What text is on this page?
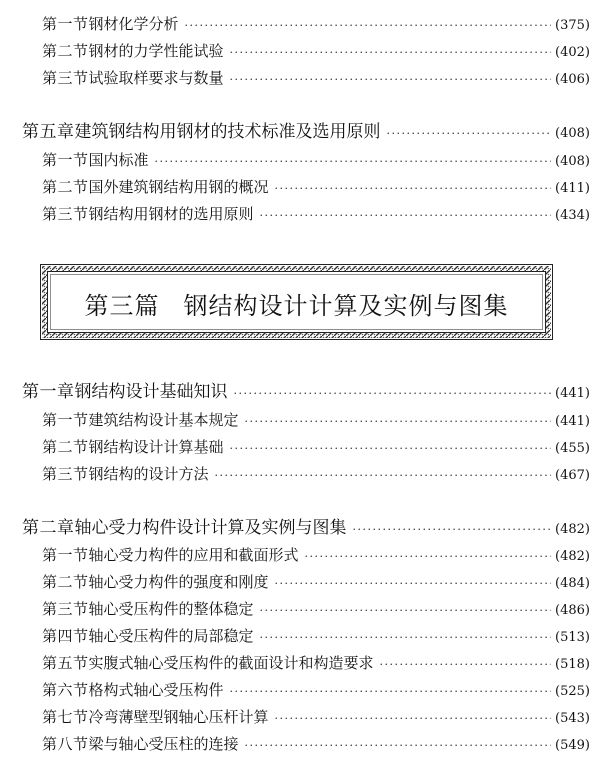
第一节 钢材化学分析 ·····	(375)
第二节 钢材的力学性能试验 ·····	(402)
第三节 试验取样要求与数量 ·····	(406)
第五章 建筑钢结构用钢材的技术标准及选用原则 ·····	(408)
第一节 国内标准 ·····	(408)
第二节 国外建筑钢结构用钢的概况 ·····	(411)
第三节 钢结构用钢材的选用原则 ·····	(434)
第三篇 钢结构设计计算及实例与图集
第一章 钢结构设计基础知识 ·····	(441)
第一节 建筑结构设计基本规定 ·····	(441)
第二节 钢结构设计计算基础 ·····	(455)
第三节 钢结构的设计方法 ·····	(467)
第二章 轴心受力构件设计计算及实例与图集 ·····	(482)
第一节 轴心受力构件的应用和截面形式 ·····	(482)
第二节 轴心受力构件的强度和刚度 ·····	(484)
第三节 轴心受压构件的整体稳定 ·····	(486)
第四节 轴心受压构件的局部稳定 ·····	(513)
第五节 实腹式轴心受压构件的截面设计和构造要求 ·····	(518)
第六节 格构式轴心受压构件 ·····	(525)
第七节 冷弯薄壁型钢轴心压杆计算 ·····	(543)
第八节 梁与轴心受压柱的连接 ·····	(549)
